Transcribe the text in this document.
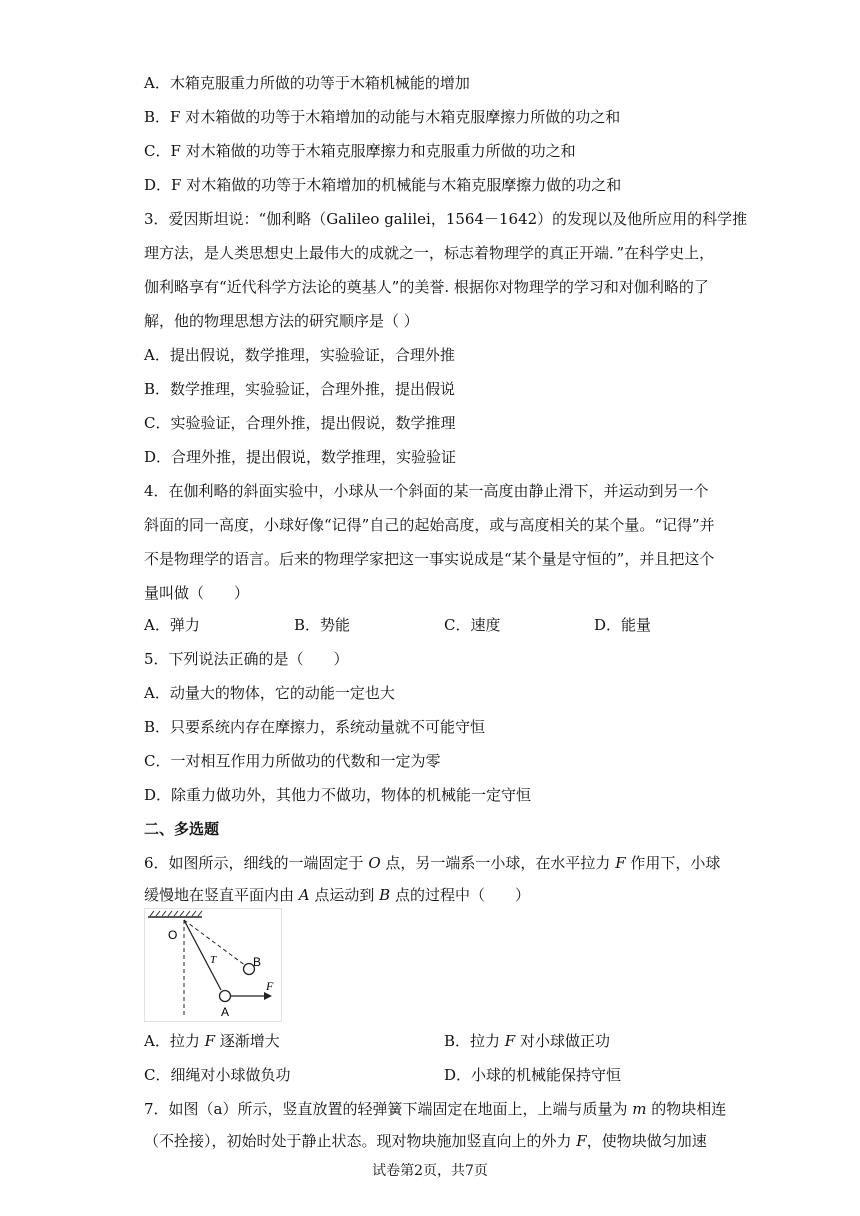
A．木箱克服重力所做的功等于木箱机械能的增加
B．F 对木箱做的功等于木箱增加的动能与木箱克服摩擦力所做的功之和
C．F 对木箱做的功等于木箱克服摩擦力和克服重力所做的功之和
D．F 对木箱做的功等于木箱增加的机械能与木箱克服摩擦力做的功之和
3．爱因斯坦说：“伽利略（Galileo galilei，1564－1642）的发现以及他所应用的科学推
理方法，是人类思想史上最伟大的成就之一，标志着物理学的真正开端．”在科学史上，
伽利略享有“近代科学方法论的奠基人”的美誉. 根据你对物理学的学习和对伽利略的了
解，他的物理思想方法的研究顺序是（ ）
A．提出假说，数学推理，实验验证，合理外推
B．数学推理，实验验证，合理外推，提出假说
C．实验验证，合理外推，提出假说，数学推理
D．合理外推，提出假说，数学推理，实验验证
4．在伽利略的斜面实验中，小球从一个斜面的某一高度由静止滑下，并运动到另一个
斜面的同一高度，小球好像“记得”自己的起始高度，或与高度相关的某个量。“记得”并
不是物理学的语言。后来的物理学家把这一事实说成是“某个量是守恒的”，并且把这个
量叫做（　　）
A．弹力	B．势能	C．速度	D．能量
5．下列说法正确的是（　　）
A．动量大的物体，它的动能一定也大
B．只要系统内存在摩擦力，系统动量就不可能守恒
C．一对相互作用力所做功的代数和一定为零
D．除重力做功外，其他力不做功，物体的机械能一定守恒
二、多选题
6．如图所示，细线的一端固定于 O 点，另一端系一小球，在水平拉力 F 作用下，小球
缓慢地在竖直平面内由 A 点运动到 B 点的过程中（　　）
O
T	B
F
A
A．拉力 F 逐渐增大	B．拉力 F 对小球做正功
C．细绳对小球做负功	D．小球的机械能保持守恒
7．如图（a）所示，竖直放置的轻弹簧下端固定在地面上，上端与质量为 m 的物块相连
（不拴接），初始时处于静止状态。现对物块施加竖直向上的外力 F，使物块做匀加速
试卷第2页，共7页
